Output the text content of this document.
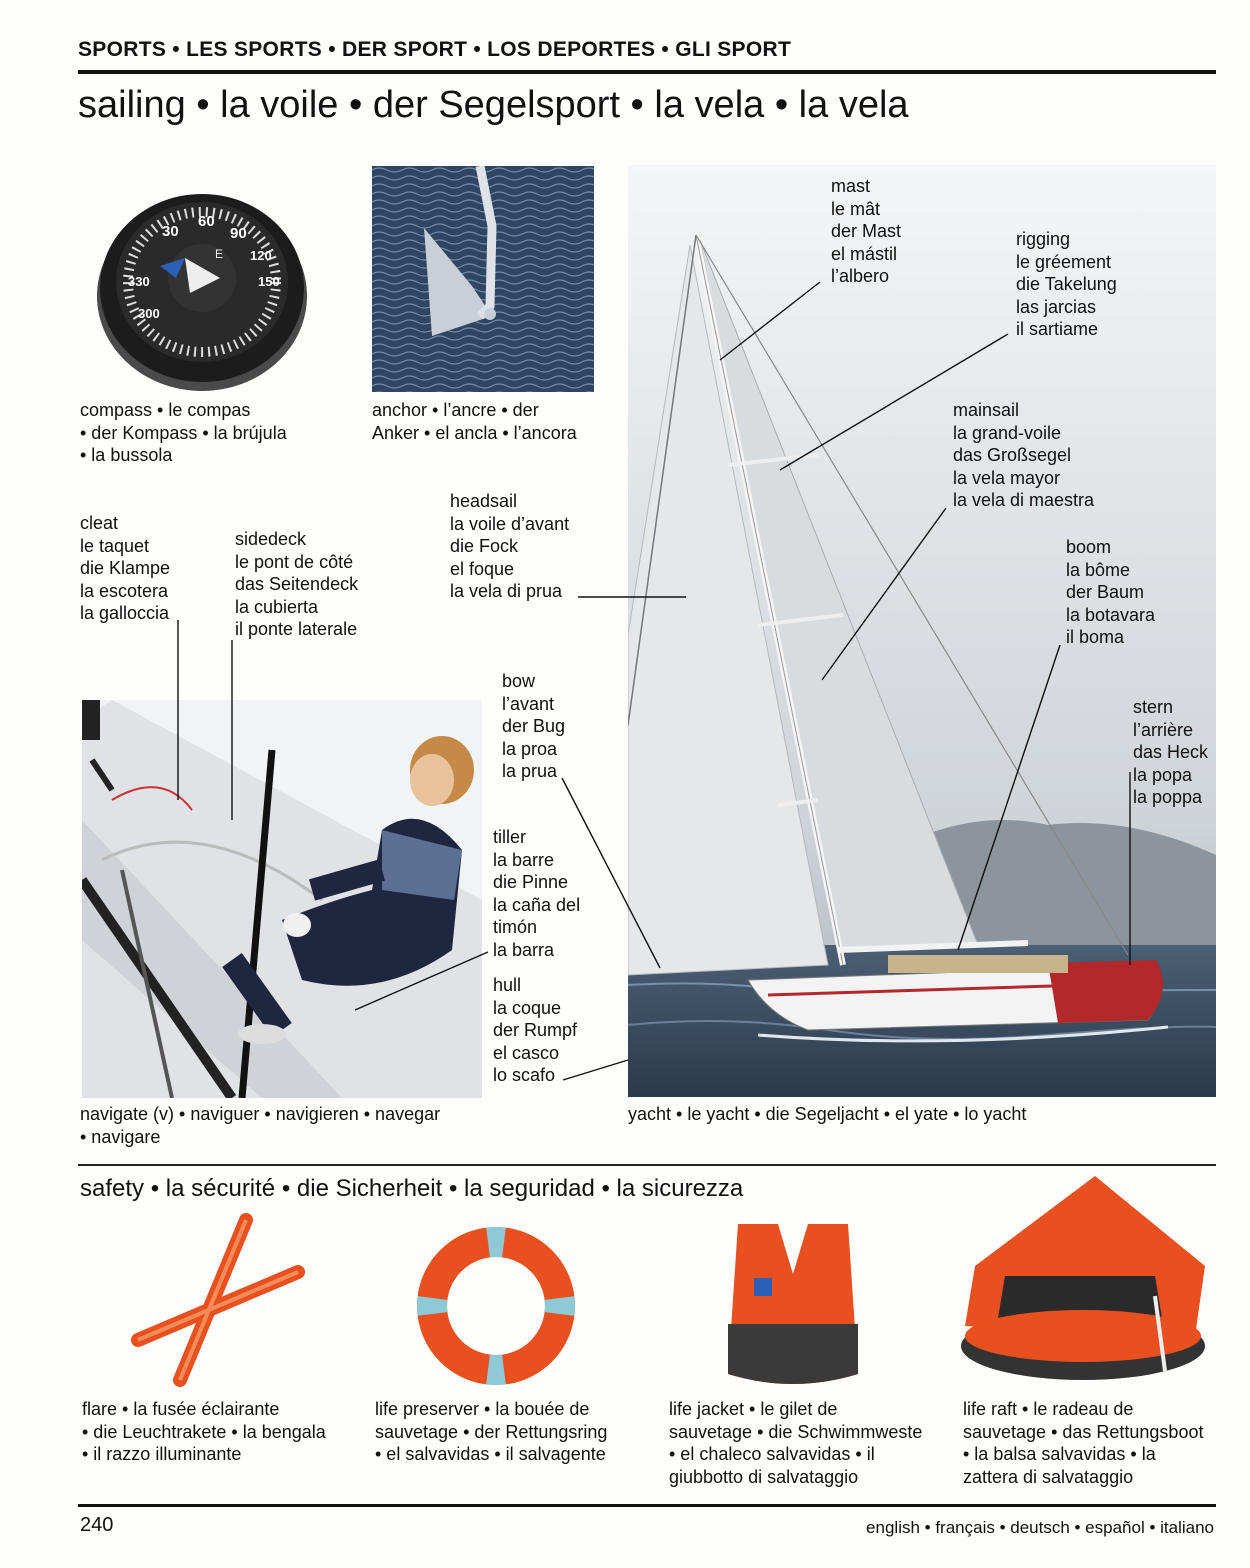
SPORTS • LES SPORTS • DER SPORT • LOS DEPORTES • GLI SPORT
sailing • la voile • der Segelsport • la vela • la vela
30
60
90
120
150
330
300
E
compass • le compas
• der Kompass • la brújula
• la bussola
anchor • l’ancre • der
Anker • el ancla • l’ancora
navigate (v) • naviguer • navigieren • navegar
• navigare
yacht • le yacht • die Segeljacht • el yate • lo yacht
cleat
le taquet
die Klampe
la escotera
la galloccia
sidedeck
le pont de côté
das Seitendeck
la cubierta
il ponte laterale
headsail
la voile d’avant
die Fock
el foque
la vela di prua
bow
l’avant
der Bug
la proa
la prua
tiller
la barre
die Pinne
la caña del
timón
la barra
hull
la coque
der Rumpf
el casco
lo scafo
mast
le mât
der Mast
el mástil
l’albero
rigging
le gréement
die Takelung
las jarcias
il sartiame
mainsail
la grand-voile
das Großsegel
la vela mayor
la vela di maestra
boom
la bôme
der Baum
la botavara
il boma
stern
l’arrière
das Heck
la popa
la poppa
safety • la sécurité • die Sicherheit • la seguridad • la sicurezza
flare • la fusée éclairante
• die Leuchtrakete • la bengala
• il razzo illuminante
life preserver • la bouée de
sauvetage • der Rettungsring
• el salvavidas • il salvagente
life jacket • le gilet de
sauvetage • die Schwimmweste
• el chaleco salvavidas • il
giubbotto di salvataggio
life raft • le radeau de
sauvetage • das Rettungsboot
• la balsa salvavidas • la
zattera di salvataggio
240	english • français • deutsch • español • italiano
